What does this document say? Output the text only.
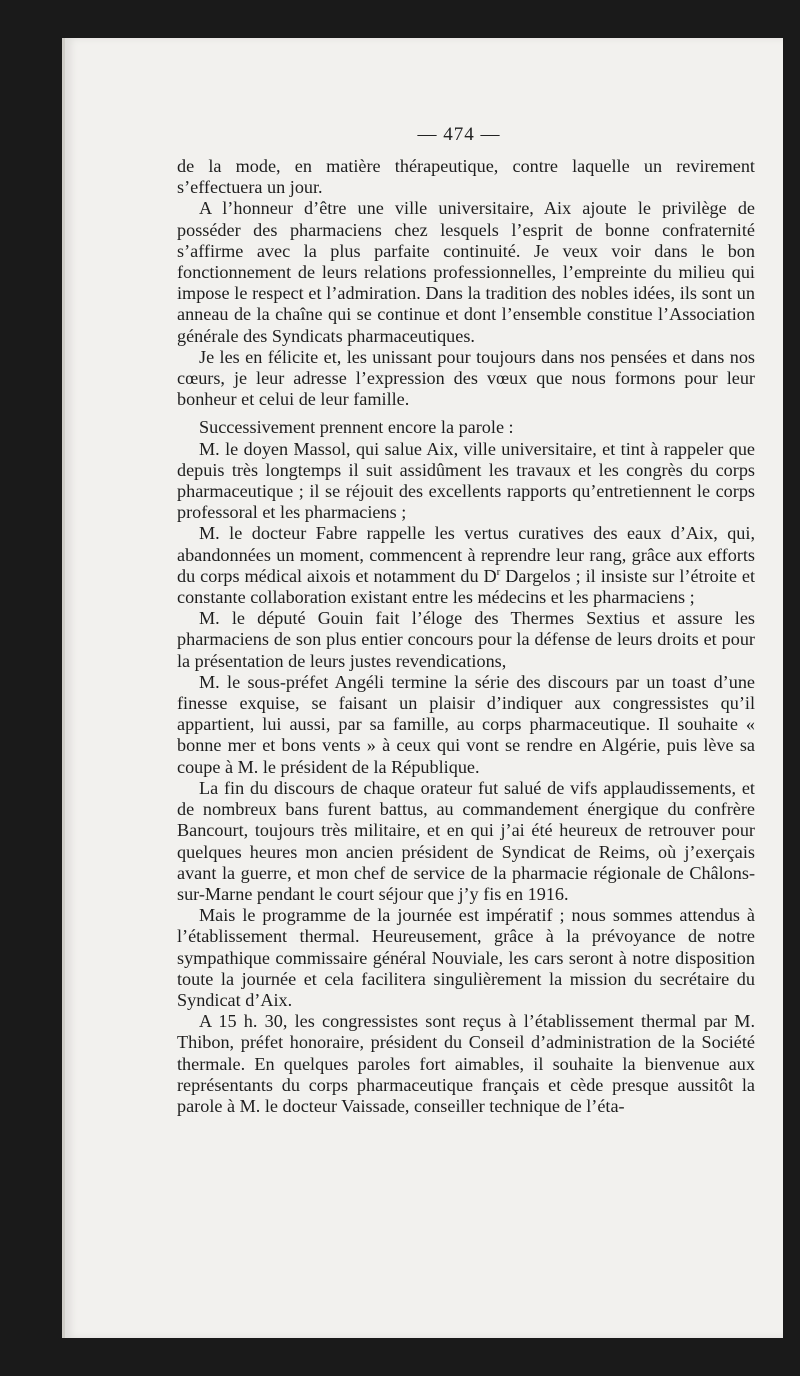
— 474 —

de la mode, en matière thérapeutique, contre laquelle un revirement s’effectuera un jour.

A l’honneur d’être une ville universitaire, Aix ajoute le privilège de posséder des pharmaciens chez lesquels l’esprit de bonne confraternité s’affirme avec la plus parfaite continuité. Je veux voir dans le bon fonctionnement de leurs relations professionnelles, l’empreinte du milieu qui impose le respect et l’admiration. Dans la tradition des nobles idées, ils sont un anneau de la chaîne qui se continue et dont l’ensemble constitue l’Association générale des Syndicats pharmaceutiques.

Je les en félicite et, les unissant pour toujours dans nos pensées et dans nos cœurs, je leur adresse l’expression des vœux que nous formons pour leur bonheur et celui de leur famille.

Successivement prennent encore la parole :

M. le doyen Massol, qui salue Aix, ville universitaire, et tint à rappeler que depuis très longtemps il suit assidûment les travaux et les congrès du corps pharmaceutique ; il se réjouit des excellents rapports qu’entretiennent le corps professoral et les pharmaciens ;

M. le docteur Fabre rappelle les vertus curatives des eaux d’Aix, qui, abandonnées un moment, commencent à reprendre leur rang, grâce aux efforts du corps médical aixois et notamment du $D^r$ Dargelos ; il insiste sur l’étroite et constante collaboration existant entre les médecins et les pharmaciens ;

M. le député Gouin fait l’éloge des Thermes Sextius et assure les pharmaciens de son plus entier concours pour la défense de leurs droits et pour la présentation de leurs justes revendications,

M. le sous-préfet Angéli termine la série des discours par un toast d’une finesse exquise, se faisant un plaisir d’indiquer aux congressistes qu’il appartient, lui aussi, par sa famille, au corps pharmaceutique. Il souhaite « bonne mer et bons vents » à ceux qui vont se rendre en Algérie, puis lève sa coupe à M. le président de la République.

La fin du discours de chaque orateur fut salué de vifs applaudissements, et de nombreux bans furent battus, au commandement énergique du confrère Bancourt, toujours très militaire, et en qui j’ai été heureux de retrouver pour quelques heures mon ancien président de Syndicat de Reims, où j’exerçais avant la guerre, et mon chef de service de la pharmacie régionale de Châlons-sur-Marne pendant le court séjour que j’y fis en 1916.

Mais le programme de la journée est impératif ; nous sommes attendus à l’établissement thermal. Heureusement, grâce à la prévoyance de notre sympathique commissaire général Nouviale, les cars seront à notre disposition toute la journée et cela facilitera singulièrement la mission du secrétaire du Syndicat d’Aix.

A 15 h. 30, les congressistes sont reçus à l’établissement thermal par M. Thibon, préfet honoraire, président du Conseil d’administration de la Société thermale. En quelques paroles fort aimables, il souhaite la bienvenue aux représentants du corps pharmaceutique français et cède presque aussitôt la parole à M. le docteur Vaissade, conseiller technique de l’éta-
